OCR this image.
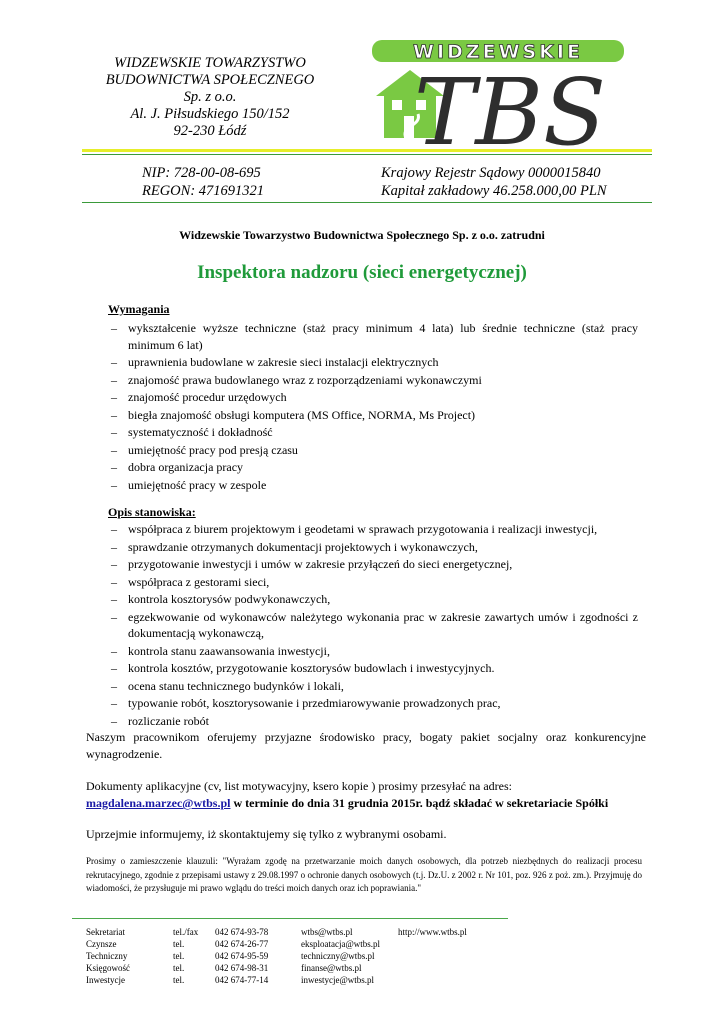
WIDZEWSKIE TOWARZYSTWO
BUDOWNICTWA SPOŁECZNEGO
Sp. z o.o.
Al. J. Piłsudskiego 150/152
92-230 Łódź
WIDZEWSKIE
TBS
NIP: 728-00-08-695
REGON: 471691321
Krajowy Rejestr Sądowy 0000015840
Kapitał zakładowy 46.258.000,00 PLN
Widzewskie Towarzystwo Budownictwa Społecznego Sp. z o.o. zatrudni
Inspektora nadzoru (sieci energetycznej)
Wymagania
– wykształcenie wyższe techniczne (staż pracy minimum 4 lata) lub średnie techniczne (staż pracy minimum 6 lat)
– uprawnienia budowlane w zakresie sieci instalacji elektrycznych
– znajomość prawa budowlanego wraz z rozporządzeniami wykonawczymi
– znajomość procedur urzędowych
– biegła znajomość obsługi komputera (MS Office, NORMA, Ms Project)
– systematyczność i dokładność
– umiejętność pracy pod presją czasu
– dobra organizacja pracy
– umiejętność pracy w zespole
Opis stanowiska:
– współpraca z biurem projektowym i geodetami w sprawach przygotowania i realizacji inwestycji,
– sprawdzanie otrzymanych dokumentacji projektowych i wykonawczych,
– przygotowanie inwestycji i umów w zakresie przyłączeń do sieci energetycznej,
– współpraca z gestorami sieci,
– kontrola kosztorysów podwykonawczych,
– egzekwowanie od wykonawców należytego wykonania prac w zakresie zawartych umów i zgodności z dokumentacją wykonawczą,
– kontrola stanu zaawansowania inwestycji,
– kontrola kosztów, przygotowanie kosztorysów budowlach i inwestycyjnych.
– ocena stanu technicznego budynków i lokali,
– typowanie robót, kosztorysowanie i przedmiarowywanie prowadzonych prac,
– rozliczanie robót
Naszym pracownikom oferujemy przyjazne środowisko pracy, bogaty pakiet socjalny oraz konkurencyjne wynagrodzenie.
Dokumenty aplikacyjne (cv, list motywacyjny, ksero kopie ) prosimy przesyłać na adres:
magdalena.marzec@wtbs.pl w terminie do dnia 31 grudnia 2015r. bądź składać w sekretariacie Spółki
Uprzejmie informujemy, iż skontaktujemy się tylko z wybranymi osobami.
Prosimy o zamieszczenie klauzuli: "Wyrażam zgodę na przetwarzanie moich danych osobowych, dla potrzeb niezbędnych do realizacji procesu rekrutacyjnego, zgodnie z przepisami ustawy z 29.08.1997 o ochronie danych osobowych (t.j. Dz.U. z 2002 r. Nr 101, poz. 926 z poż. zm.). Przyjmuję do wiadomości, że przysługuje mi prawo wglądu do treści moich danych oraz ich poprawiania."
Sekretariat	tel./fax	042 674-93-78	wtbs@wtbs.pl	http://www.wtbs.pl
Czynsze	tel.	042 674-26-77	eksploatacja@wtbs.pl	
Techniczny	tel.	042 674-95-59	techniczny@wtbs.pl	
Księgowość	tel.	042 674-98-31	finanse@wtbs.pl	
Inwestycje	tel.	042 674-77-14	inwestycje@wtbs.pl	
